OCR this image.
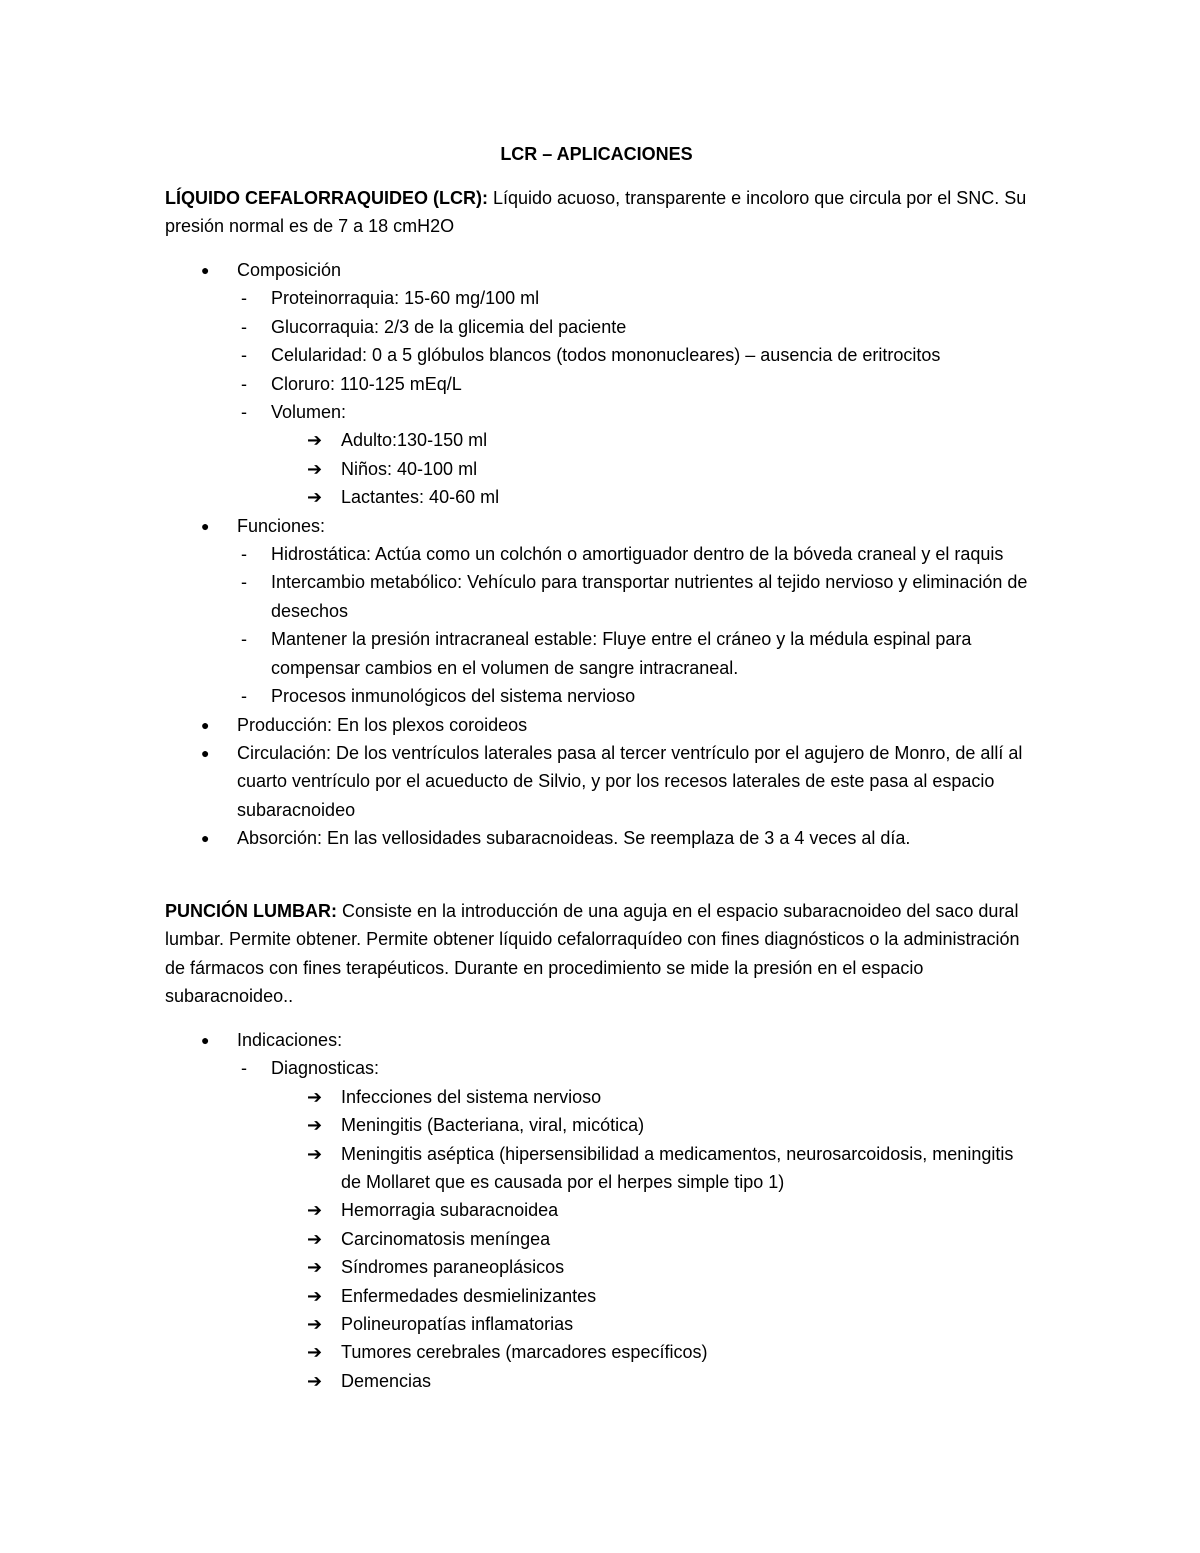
LCR – APLICACIONES

LÍQUIDO CEFALORRAQUIDEO (LCR): Líquido acuoso, transparente e incoloro que circula por el SNC. Su presión normal es de 7 a 18 cmH2O

●	Composición
- Proteinorraquia: 15-60 mg/100 ml
- Glucorraquia: 2/3 de la glicemia del paciente
- Celularidad: 0 a 5 glóbulos blancos (todos mononucleares) – ausencia de eritrocitos
- Cloruro: 110-125 mEq/L
- Volumen:
➔ Adulto:130-150 ml
➔ Niños: 40-100 ml
➔ Lactantes: 40-60 ml
●	Funciones:
- Hidrostática: Actúa como un colchón o amortiguador dentro de la bóveda craneal y el raquis
- Intercambio metabólico: Vehículo para transportar nutrientes al tejido nervioso y eliminación de desechos
- Mantener la presión intracraneal estable: Fluye entre el cráneo y la médula espinal para compensar cambios en el volumen de sangre intracraneal.
- Procesos inmunológicos del sistema nervioso
●	Producción: En los plexos coroideos
●	Circulación: De los ventrículos laterales pasa al tercer ventrículo por el agujero de Monro, de allí al cuarto ventrículo por el acueducto de Silvio, y por los recesos laterales de este pasa al espacio subaracnoideo
●	Absorción: En las vellosidades subaracnoideas. Se reemplaza de 3 a 4 veces al día.

PUNCIÓN LUMBAR: Consiste en la introducción de una aguja en el espacio subaracnoideo del saco dural lumbar. Permite obtener. Permite obtener líquido cefalorraquídeo con fines diagnósticos o la administración de fármacos con fines terapéuticos. Durante en procedimiento se mide la presión en el espacio subaracnoideo..

●	Indicaciones:
- Diagnosticas:
➔ Infecciones del sistema nervioso
➔ Meningitis (Bacteriana, viral, micótica)
➔ Meningitis aséptica (hipersensibilidad a medicamentos, neurosarcoidosis, meningitis de Mollaret que es causada por el herpes simple tipo 1)
➔ Hemorragia subaracnoidea
➔ Carcinomatosis meníngea
➔ Síndromes paraneoplásicos
➔ Enfermedades desmielinizantes
➔ Polineuropatías inflamatorias
➔ Tumores cerebrales (marcadores específicos)
➔ Demencias
